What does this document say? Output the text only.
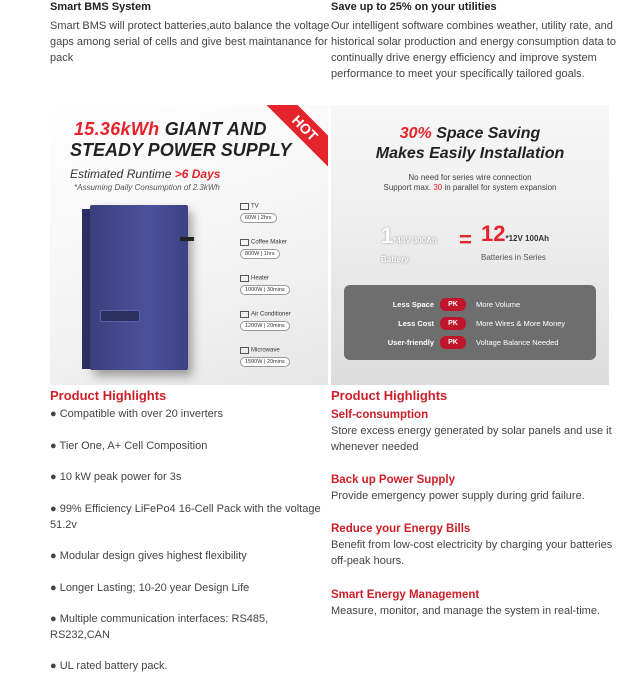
Smart BMS System
Smart BMS will protect batteries,auto balance the voltage gaps among serial of cells and give best maintanance for pack
Save up to 25% on your utilities
Our intelligent software combines weather, utility rate, and historical solar production and energy consumption data to
continually drive energy efficiency and improve system performance to meet your specifically tailored goals.
HOT
15.36kWh GIANT AND
STEADY POWER SUPPLY
Estimated Runtime >6 Days
*Assuming Daily Consumption of 2.3kWh
TV
60W | 2hrs
Coffee Maker
800W | 1hrs
Heater
1000W | 30mins
Air Conditioner
1200W | 20mins
Microwave
1500W | 20mins
30% Space Saving
Makes Easily Installation
No need for series wire connection
Support max. 30 in parallel for system expansion
1*48V 300Ah
Battery
= 12*12V 100Ah
Batteries in Series
Less Space	PK	More Volume
Less Cost	PK	More Wires & More Money
User-friendly	PK	Voltage Balance Needed
Product Highlights
● Compatible with over 20 inverters
● Tier One, A+ Cell Composition
● 10 kW peak power for 3s
● 99% Efficiency LiFePo4 16-Cell Pack with the voltage 51.2v
● Modular design gives highest flexibility
● Longer Lasting; 10-20 year Design Life
● Multiple communication interfaces: RS485, RS232,CAN
● UL rated battery pack.
Product Highlights
Self-consumption
Store excess energy generated by solar panels and use it whenever needed
Back up Power Supply
Provide emergency power supply during grid failure.
Reduce your Energy Bills
Benefit from low-cost electricity by charging your batteries off-peak hours.
Smart Energy Management
Measure, monitor, and manage the system in real-time.
